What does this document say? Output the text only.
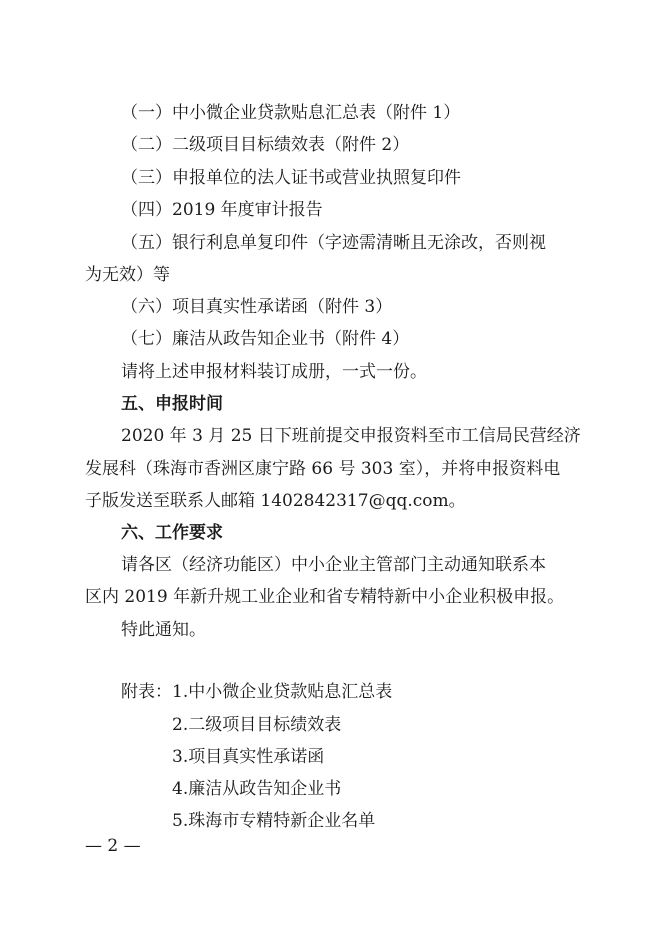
（一）中小微企业贷款贴息汇总表（附件 1）
（二）二级项目目标绩效表（附件 2）
（三）申报单位的法人证书或营业执照复印件
（四）2019 年度审计报告
（五）银行利息单复印件（字迹需清晰且无涂改，否则视
为无效）等
（六）项目真实性承诺函（附件 3）
（七）廉洁从政告知企业书（附件 4）
请将上述申报材料装订成册，一式一份。
五、申报时间
2020 年 3 月 25 日下班前提交申报资料至市工信局民营经济
发展科（珠海市香洲区康宁路 66 号 303 室），并将申报资料电
子版发送至联系人邮箱 1402842317@qq.com。
六、工作要求
请各区（经济功能区）中小企业主管部门主动通知联系本
区内 2019 年新升规工业企业和省专精特新中小企业积极申报。
特此通知。
附表： 1.中小微企业贷款贴息汇总表
2.二级项目目标绩效表
3.项目真实性承诺函
4.廉洁从政告知企业书
5.珠海市专精特新企业名单
— 2 —
